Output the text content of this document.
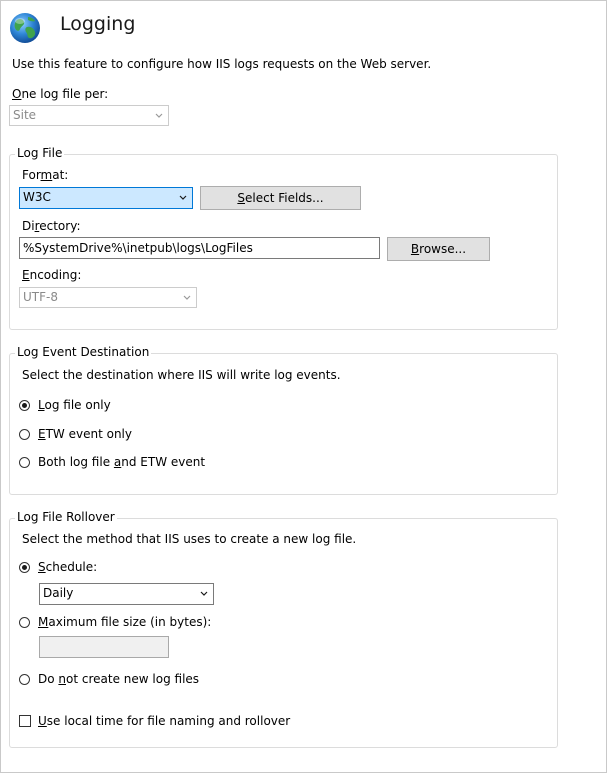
Logging
Use this feature to configure how IIS logs requests on the Web server.
One log file per:
Site
Log File
Format:
W3C	Select Fields...
Directory:
%SystemDrive%\inetpub\logs\LogFiles	Browse...
Encoding:
UTF-8
Log Event Destination
Select the destination where IIS will write log events.
Log file only
ETW event only
Both log file and ETW event
Log File Rollover
Select the method that IIS uses to create a new log file.
Schedule:
Daily
Maximum file size (in bytes):
Do not create new log files
Use local time for file naming and rollover
